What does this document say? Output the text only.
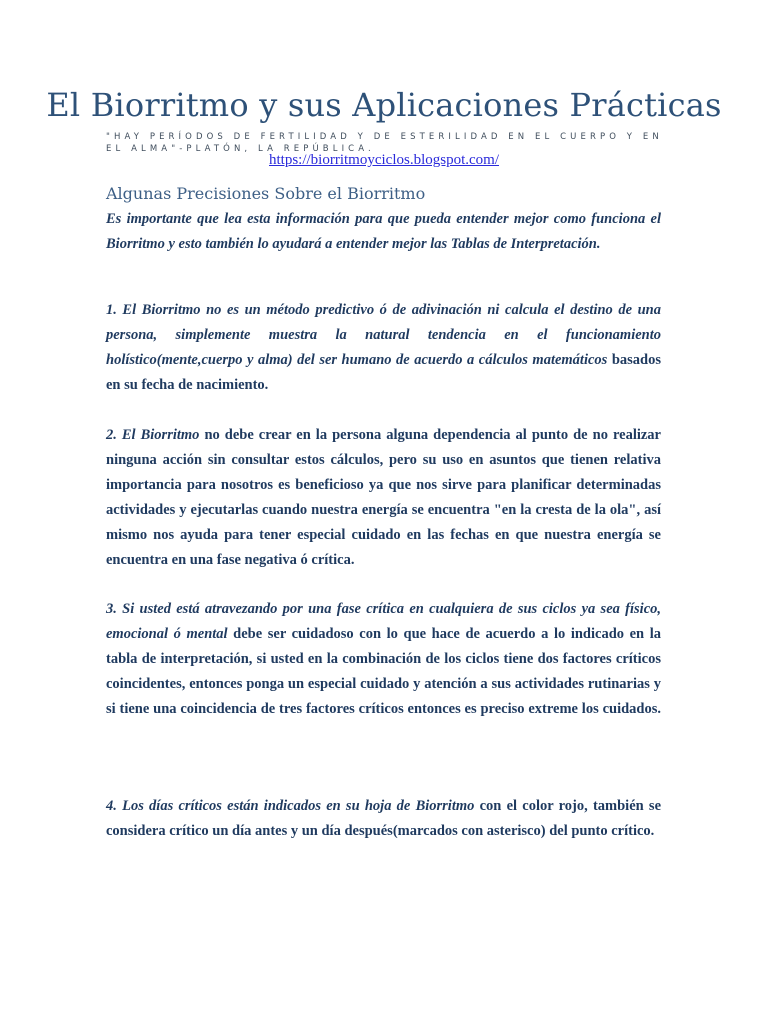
El Biorritmo y sus Aplicaciones Prácticas
"HAY PERÍODOS DE FERTILIDAD Y DE ESTERILIDAD EN EL CUERPO Y EN EL ALMA"-PLATÓN, LA REPÚBLICA.
https://biorritmoyciclos.blogspot.com/
Algunas Precisiones Sobre el Biorritmo

Es importante que lea esta información para que pueda entender mejor como funciona el Biorritmo y esto también lo ayudará a entender mejor las Tablas de Interpretación.

1. El Biorritmo no es un método predictivo ó de adivinación ni calcula el destino de una persona, simplemente muestra la natural tendencia en el funcionamiento holístico(mente,cuerpo y alma) del ser humano de acuerdo a cálculos matemáticos basados en su fecha de nacimiento.

2. El Biorritmo no debe crear en la persona alguna dependencia al punto de no realizar ninguna acción sin consultar estos cálculos, pero su uso en asuntos que tienen relativa importancia para nosotros es beneficioso ya que nos sirve para planificar determinadas actividades y ejecutarlas cuando nuestra energía se encuentra "en la cresta de la ola", así mismo nos ayuda para tener especial cuidado en las fechas en que nuestra energía se encuentra en una fase negativa ó crítica.

3. Si usted está atravezando por una fase crítica en cualquiera de sus ciclos ya sea físico, emocional ó mental debe ser cuidadoso con lo que hace de acuerdo a lo indicado en la tabla de interpretación, si usted en la combinación de los ciclos tiene dos factores críticos coincidentes, entonces ponga un especial cuidado y atención a sus actividades rutinarias y si tiene una coincidencia de tres factores críticos entonces es preciso extreme los cuidados.

4. Los días críticos están indicados en su hoja de Biorritmo con el color rojo, también se considera crítico un día antes y un día después(marcados con asterisco) del punto crítico.
